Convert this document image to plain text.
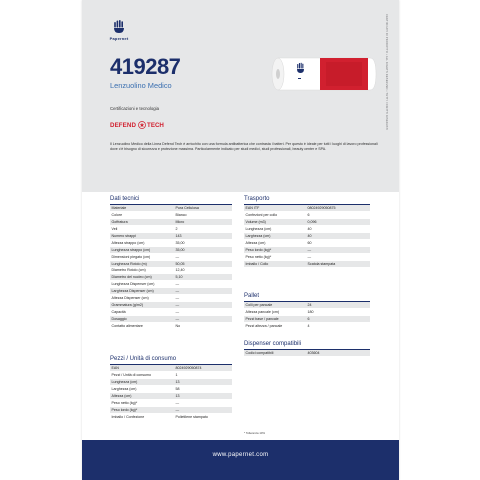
Papernet	CERTIFICATI DI PRODOTTO • ALL RIGHTS RESERVED • TUTTI I DIRITTI RISERVATI
419287
Lenzuolino Medico
Certificazioni e tecnologia
DEFEND TECH
Il Lenzuolino Medico della Linea Defend Tech è arricchito con una formula antibatterica che contrasta i batteri. Per questo è ideale per tutti i luoghi di lavoro professionali dove c'è bisogno di sicurezza e protezione massima. Particolarmente indicato per studi medici, studi professionali, beauty center e SPA.
Dati tecnici
Materiale	Pura Cellulosa
Colore	Bianco
Goffratura	Micro
Veli	2
Numero strappi	143
Altezza strappo (cm)	35,00
Lunghezza strappo (cm)	35,00
Dimensioni piegato (cm)	—
Lunghezza Rotolo (m)	50,05
Diametro Rotolo (cm)	12,40
Diametro del nucleo (cm)	5,10
Lunghezza Dispenser (cm)	—
Larghezza Dispenser (cm)	—
Altezza Dispenser (cm)	—
Grammatura (g/m2)	—
Capacità	—
Dosaggio	—
Contatto alimentare	No
Trasporto
EAN ITF	08024929050875
Confezioni per collo	6
Volume (m3)	0,096
Lunghezza (cm)	40
Larghezza (cm)	40
Altezza (cm)	60
Peso lordo (kg)*	—
Peso netto (kg)*	—
Imballo / Collo	Scatola stampata
Pallet
Colli per pancale	24
Altezza pancale (cm)	180
Pezzi base / pancale	6
Pezzi altezza / pancale	4
Dispenser compatibili
Codici compatibili	403604
Pezzi / Unità di consumo
EAN	8024929050874
Pezzi / Unità di consumo	1
Lunghezza (cm)	13
Larghezza (cm)	58
Altezza (cm)	13
Peso netto (kg)*	—
Peso lordo (kg)*	—
Imballo / Confezione	Polietilene stampato
* Tolleranza 10%
www.papernet.com
